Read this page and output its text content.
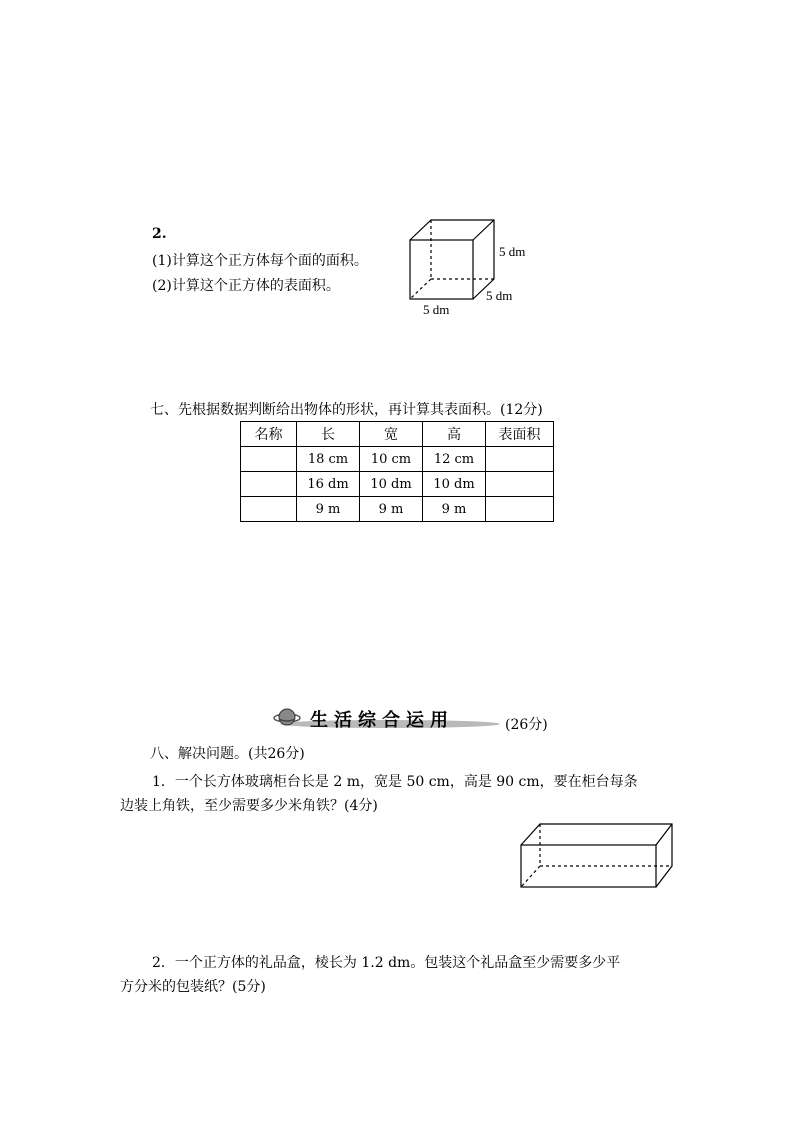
2.
(1)计算这个正方体每个面的面积。
(2)计算这个正方体的表面积。
5 dm
5 dm
5 dm
七、先根据数据判断给出物体的形状，再计算其表面积。(12分)
名称	长	宽	高	表面积
	18 cm	10 cm	12 cm	
	16 dm	10 dm	10 dm	
	9 m	9 m	9 m	
生活综合运用	(26分)
八、解决问题。(共26分)
1．一个长方体玻璃柜台长是 2 m，宽是 50 cm，高是 90 cm，要在柜台每条
边装上角铁，至少需要多少米角铁？(4分)
2．一个正方体的礼品盒，棱长为 1.2 dm。包装这个礼品盒至少需要多少平
方分米的包装纸？(5分)
